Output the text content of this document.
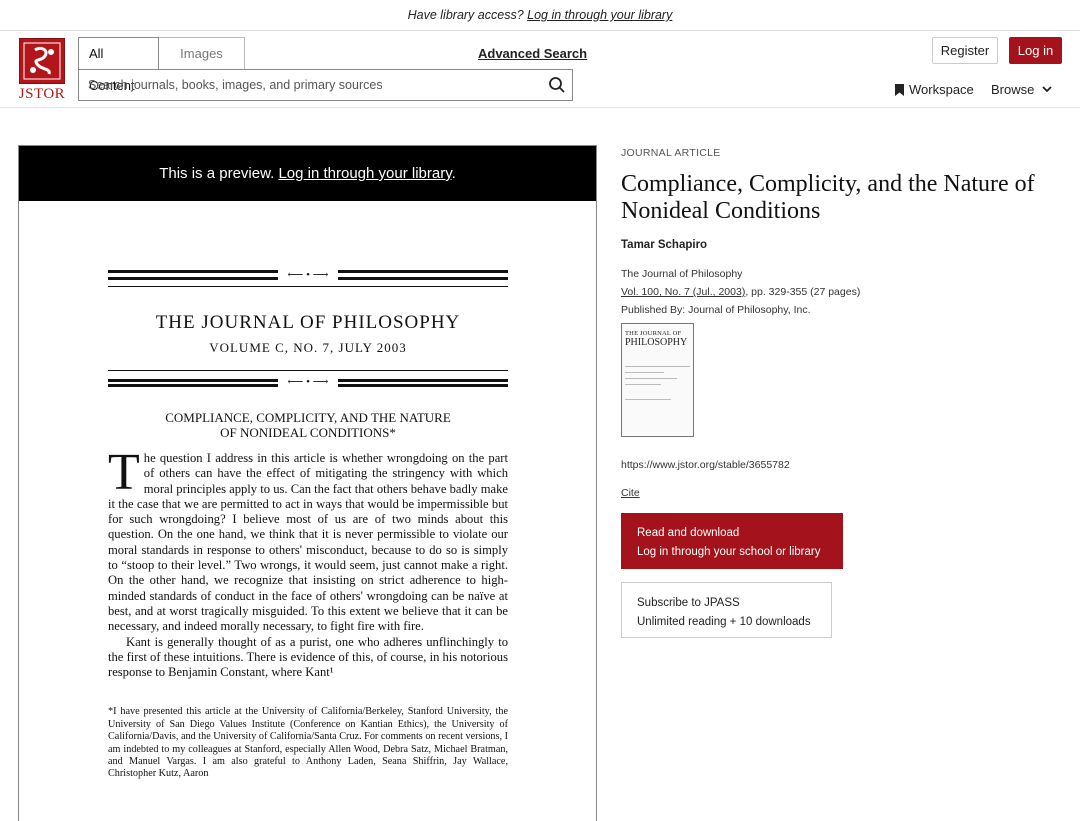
Have library access? Log in through your library
JSTOR
All Content
Images	Advanced Search
Search journals, books, images, and primary sources	Register	Log in
Workspace Browse
This is a preview. Log in through your library.
⟵ • ⟶
THE JOURNAL OF PHILOSOPHY
VOLUME C, NO. 7, JULY 2003
⟵ • ⟶
COMPLIANCE, COMPLICITY, AND THE NATURE
OF NONIDEAL CONDITIONS*
T he question I address in this article is whether wrongdoing on the part of others can have the effect of mitigating the stringency with which moral principles apply to us. Can the fact that others behave badly make it the case that we are permitted to act in ways that would be impermissible but for such wrongdoing? I believe most of us are of two minds about this question. On the one hand, we think that it is never permissible to violate our moral standards in response to others' misconduct, because to do so is simply to “stoop to their level.” Two wrongs, it would seem, just cannot make a right. On the other hand, we recognize that insisting on strict adherence to high-minded standards of conduct in the face of others' wrongdoing can be naïve at best, and at worst tragically misguided. To this extent we believe that it can be necessary, and indeed morally necessary, to fight fire with fire.
Kant is generally thought of as a purist, one who adheres unflinchingly to the first of these intuitions. There is evidence of this, of course, in his notorious response to Benjamin Constant, where Kant¹
*I have presented this article at the University of California/Berkeley, Stanford University, the University of San Diego Values Institute (Conference on Kantian Ethics), the University of California/Davis, and the University of California/Santa Cruz. For comments on recent versions, I am indebted to my colleagues at Stanford, especially Allen Wood, Debra Satz, Michael Bratman, and Manuel Vargas. I am also grateful to Anthony Laden, Seana Shiffrin, Jay Wallace, Christopher Kutz, Aaron
JOURNAL ARTICLE
Compliance, Complicity, and the Nature of Nonideal Conditions
Tamar Schapiro
The Journal of Philosophy
Vol. 100, No. 7 (Jul., 2003), pp. 329-355 (27 pages)
Published By: Journal of Philosophy, Inc.
THE JOURNAL OF
PHILOSOPHY
https://www.jstor.org/stable/3655782
Cite
Read and download
Log in through your school or library
Subscribe to JPASS
Unlimited reading + 10 downloads
